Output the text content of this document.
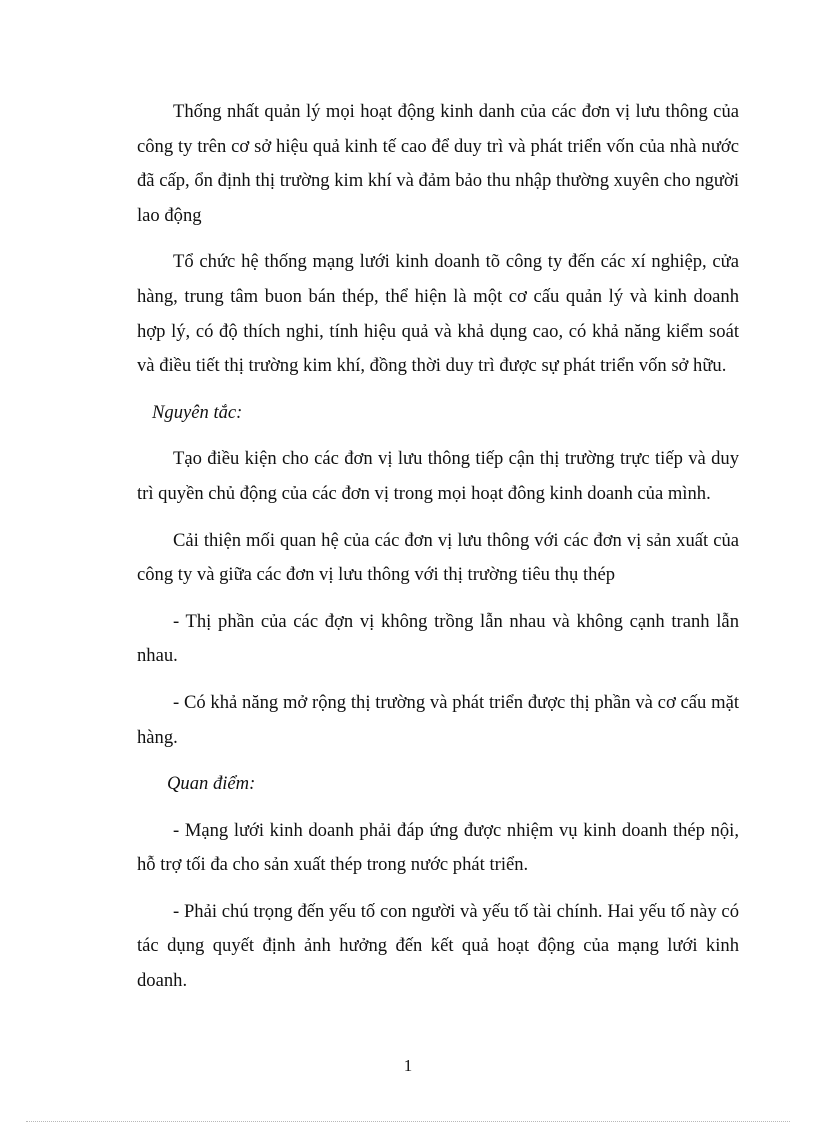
Thống nhất quản lý mọi hoạt động kinh danh của các đơn vị lưu thông của công ty trên cơ sở hiệu quả kinh tế cao để duy trì và phát triển vốn của nhà nước đã cấp, ổn định thị trường kim khí và đảm bảo thu nhập thường xuyên cho người lao động

Tổ chức hệ thống mạng lưới kinh doanh tõ công ty đến các xí nghiệp, cửa hàng, trung tâm buon bán thép, thể hiện là một cơ cấu quản lý và kinh doanh hợp lý, có độ thích nghi, tính hiệu quả và khả dụng cao, có khả năng kiểm soát và điều tiết thị trường kim khí, đồng thời duy trì được sự phát triển vốn sở hữu.

Nguyên tắc:

Tạo điều kiện cho các đơn vị lưu thông tiếp cận thị trường trực tiếp và duy trì quyền chủ động của các đơn vị trong mọi hoạt đông kinh doanh của mình.

Cải thiện mối quan hệ của các đơn vị lưu thông với các đơn vị sản xuất của công ty và giữa các đơn vị lưu thông với thị trường tiêu thụ thép

- Thị phần của các đợn vị không trồng lẫn nhau và không cạnh tranh lẫn nhau.

- Có khả năng mở rộng thị trường và phát triển được thị phần và cơ cấu mặt hàng.

Quan điểm:

- Mạng lưới kinh doanh phải đáp ứng được nhiệm vụ kinh doanh thép nội, hỗ trợ tối đa cho sản xuất thép trong nước phát triển.

- Phải chú trọng đến yếu tố con người và yếu tố tài chính. Hai yếu tố này có tác dụng quyết định ảnh hưởng đến kết quả hoạt động của mạng lưới kinh doanh.

1
